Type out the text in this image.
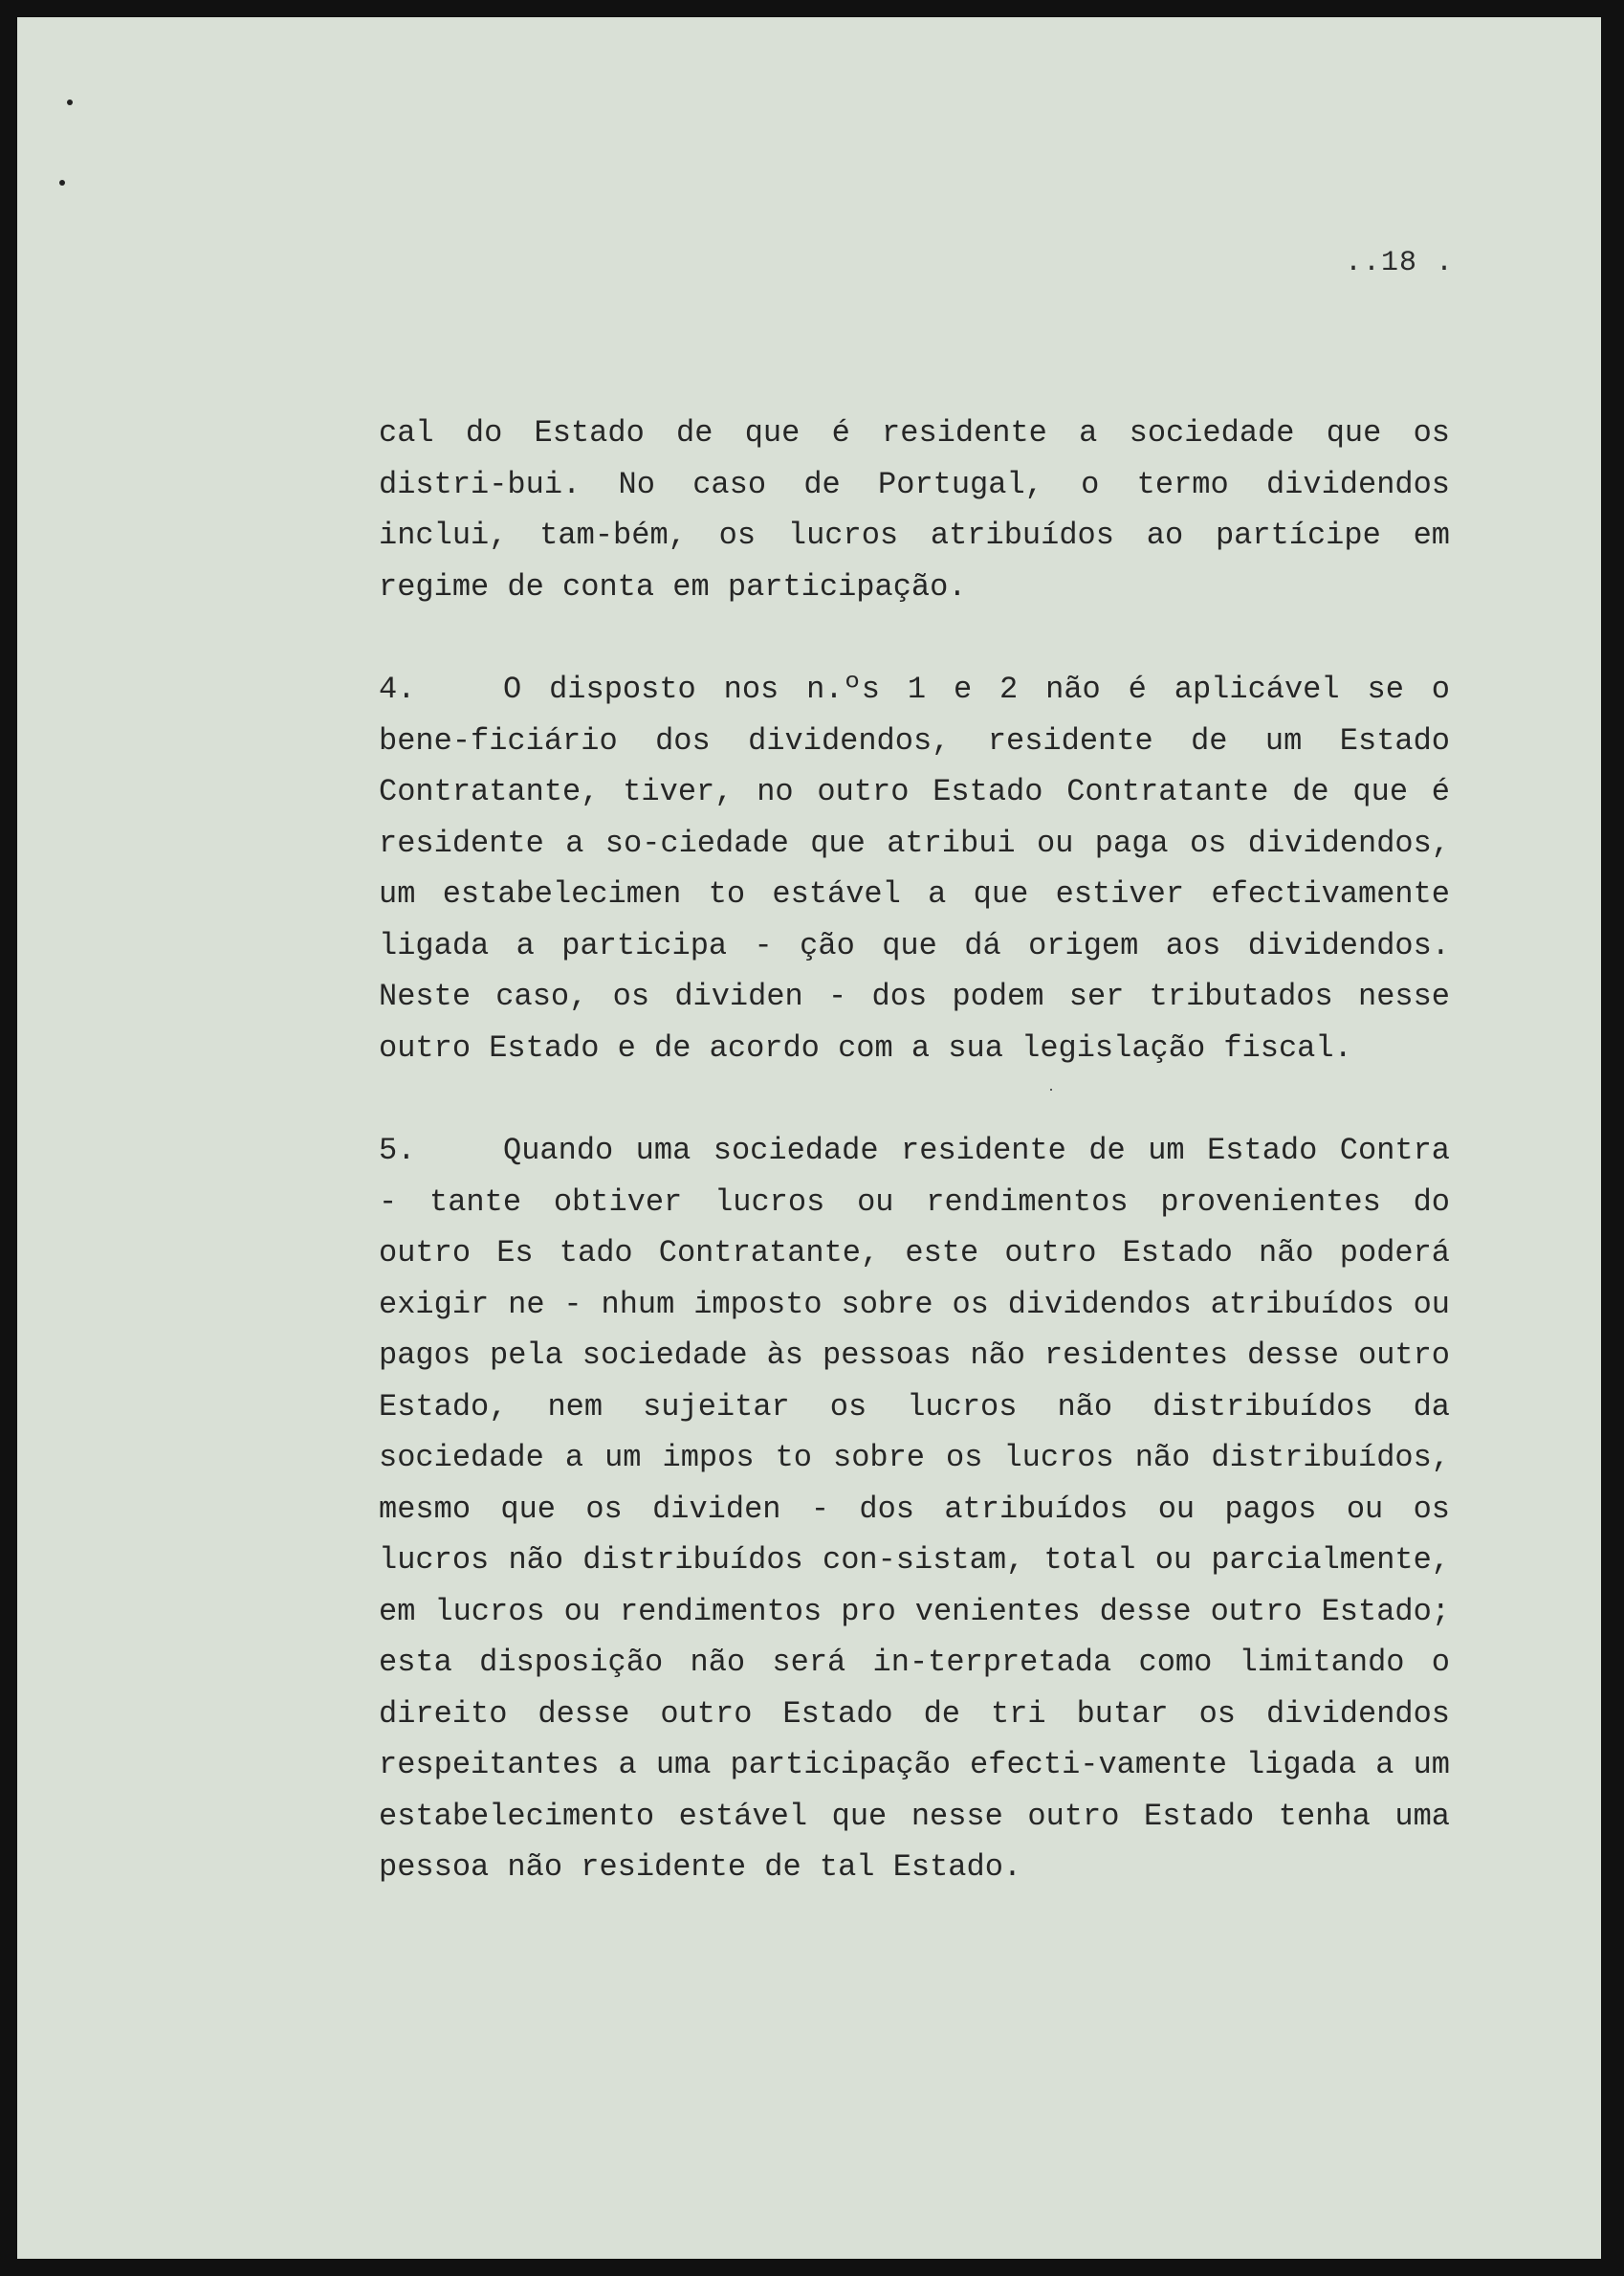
..18 .

cal do Estado de que é residente a sociedade que os distri-bui. No caso de Portugal, o termo dividendos inclui, tam-bém, os lucros atribuídos ao partícipe em regime de conta em participação.

4.	O disposto nos n.ºs 1 e 2 não é aplicável se o bene-ficiário dos dividendos, residente de um Estado Contratante, tiver, no outro Estado Contratante de que é residente a so-ciedade que atribui ou paga os dividendos, um estabelecimen to estável a que estiver efectivamente ligada a participa - ção que dá origem aos dividendos. Neste caso, os dividen - dos podem ser tributados nesse outro Estado e de acordo com a sua legislação fiscal.

5.	Quando uma sociedade residente de um Estado Contra - tante obtiver lucros ou rendimentos provenientes do outro Es tado Contratante, este outro Estado não poderá exigir ne - nhum imposto sobre os dividendos atribuídos ou pagos pela sociedade às pessoas não residentes desse outro Estado, nem sujeitar os lucros não distribuídos da sociedade a um impos to sobre os lucros não distribuídos, mesmo que os dividen - dos atribuídos ou pagos ou os lucros não distribuídos con-sistam, total ou parcialmente, em lucros ou rendimentos pro venientes desse outro Estado; esta disposição não será in-terpretada como limitando o direito desse outro Estado de tri butar os dividendos respeitantes a uma participação efecti-vamente ligada a um estabelecimento estável que nesse outro Estado tenha uma pessoa não residente de tal Estado.
